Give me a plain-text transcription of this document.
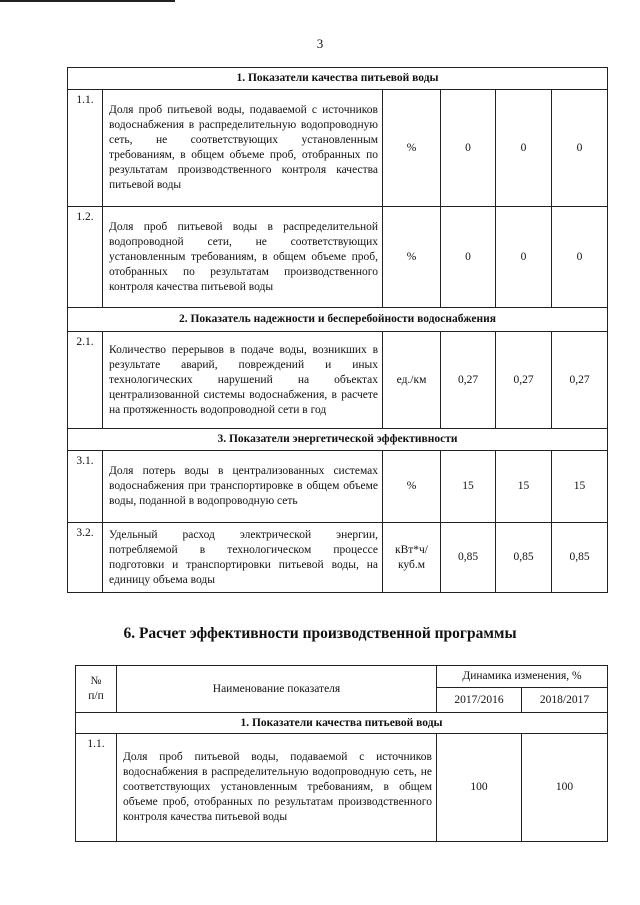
3
1. Показатели качества питьевой воды					
1.1.	Доля проб питьевой воды, подаваемой с источников водоснабжения в распределительную водопроводную сеть, не соответствующих установленным требованиям, в общем объеме проб, отобранных по результатам производственного контроля качества питьевой воды	%	0	0	0
1.2.	Доля проб питьевой воды в распределительной водопроводной сети, не соответствующих установленным требованиям, в общем объеме проб, отобранных по результатам производственного контроля качества питьевой воды	%	0	0	0
2. Показатель надежности и бесперебойности водоснабжения					
2.1.	Количество перерывов в подаче воды, возникших в результате аварий, повреждений и иных технологических нарушений на объектах централизованной системы водоснабжения, в расчете на протяженность водопроводной сети в год	ед./км	0,27	0,27	0,27
3. Показатели энергетической эффективности					
3.1.	Доля потерь воды в централизованных системах водоснабжения при транспортировке в общем объеме воды, поданной в водопроводную сеть	%	15	15	15
3.2.	Удельный расход электрической энергии, потребляемой в технологическом процессе подготовки и транспортировки питьевой воды, на единицу объема воды	кВт*ч/
куб.м	0,85	0,85	0,85
6. Расчет эффективности производственной программы
№
п/п	Наименование показателя	Динамика изменения, %	
		2017/2016	2018/2017
1. Показатели качества питьевой воды			
1.1.	Доля проб питьевой воды, подаваемой с источников водоснабжения в распределительную водопроводную сеть, не соответствующих установленным требованиям, в общем объеме проб, отобранных по результатам производственного контроля качества питьевой воды	100	100
